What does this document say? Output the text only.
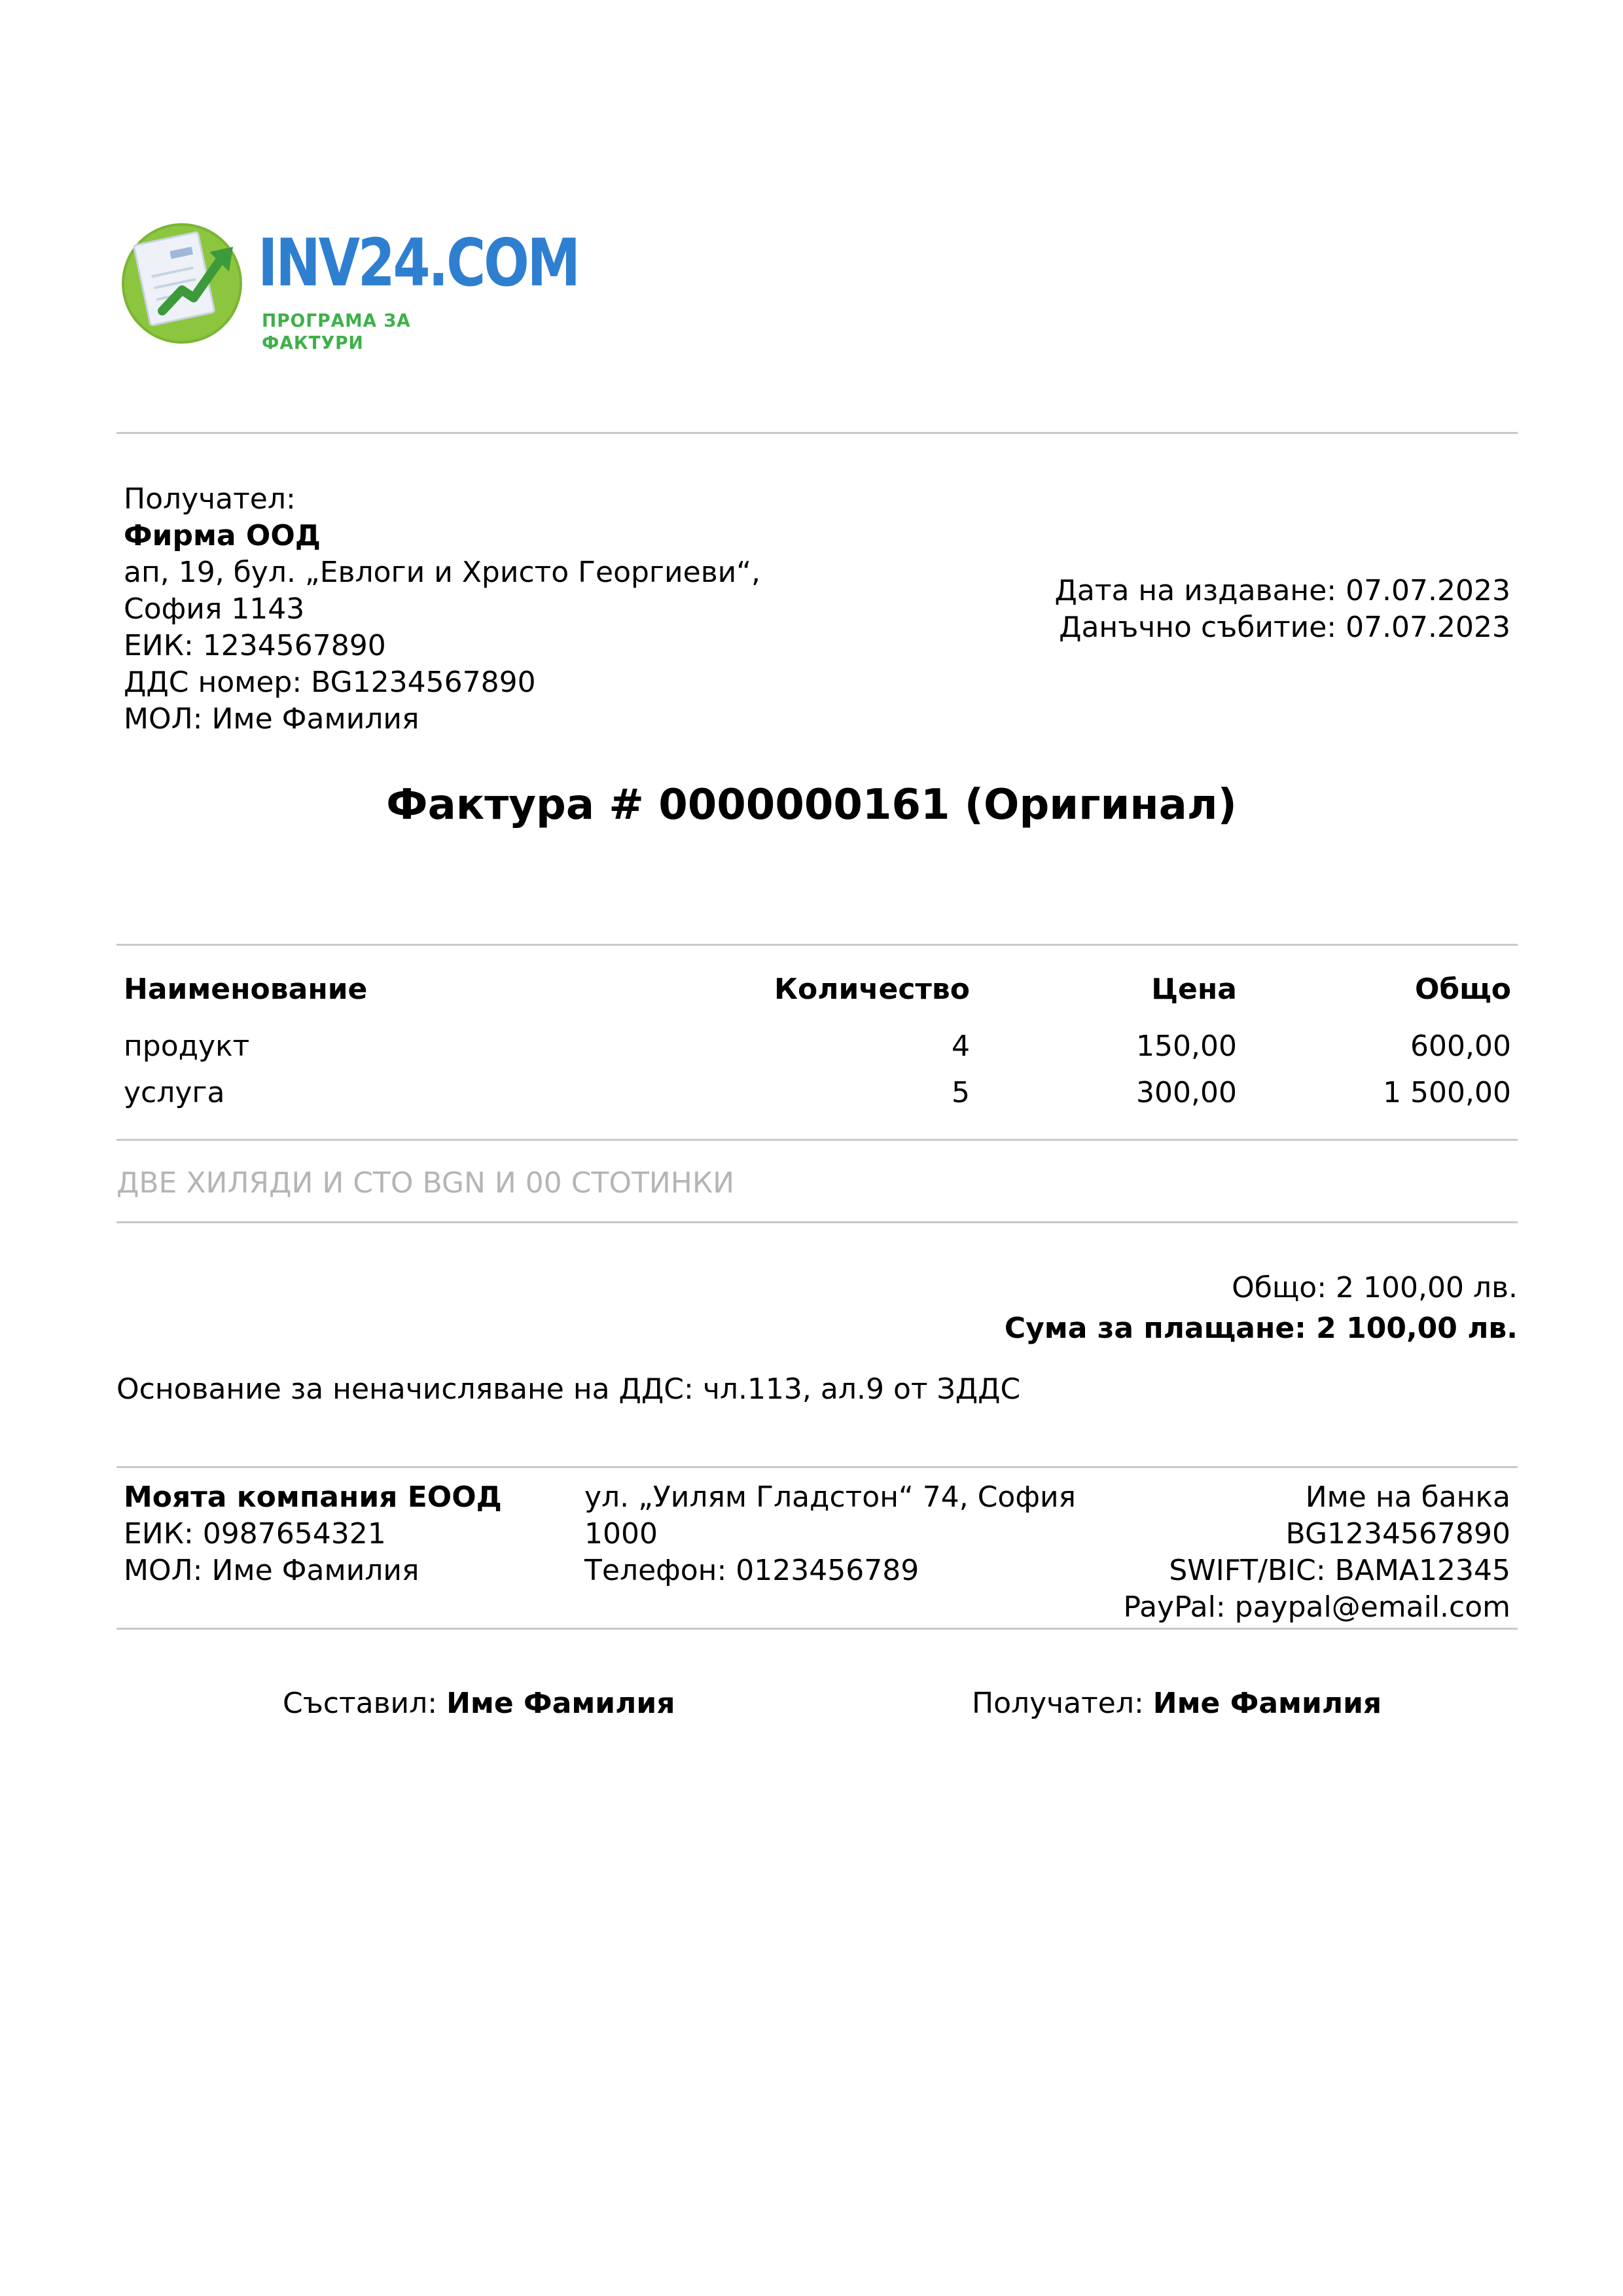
INV24.COM
ПРОГРАМА ЗА ФАКТУРИ
Получател:
Фирма ООД
ап, 19, бул. „Евлоги и Христо Георгиеви“,
София 1143
ЕИК: 1234567890
ДДС номер: BG1234567890
МОЛ: Име Фамилия
Дата на издаване: 07.07.2023
Данъчно събитие: 07.07.2023
Фактура # 0000000161 (Оригинал)
Наименование	Количество	Цена	Общо
продукт	4	150,00	600,00
услуга	5	300,00	1 500,00
ДВЕ ХИЛЯДИ И СТО BGN И 00 СТОТИНКИ
Общо: 2 100,00 лв.
Сума за плащане: 2 100,00 лв.
Основание за неначисляване на ДДС: чл.113, ал.9 от ЗДДС
Моята компания ЕООД
ЕИК: 0987654321
МОЛ: Име Фамилия
ул. „Уилям Гладстон“ 74, София
1000
Телефон: 0123456789
Име на банка
BG1234567890
SWIFT/BIC: BAMA12345
PayPal: paypal@email.com
Съставил: Име Фамилия	Получател: Име Фамилия
